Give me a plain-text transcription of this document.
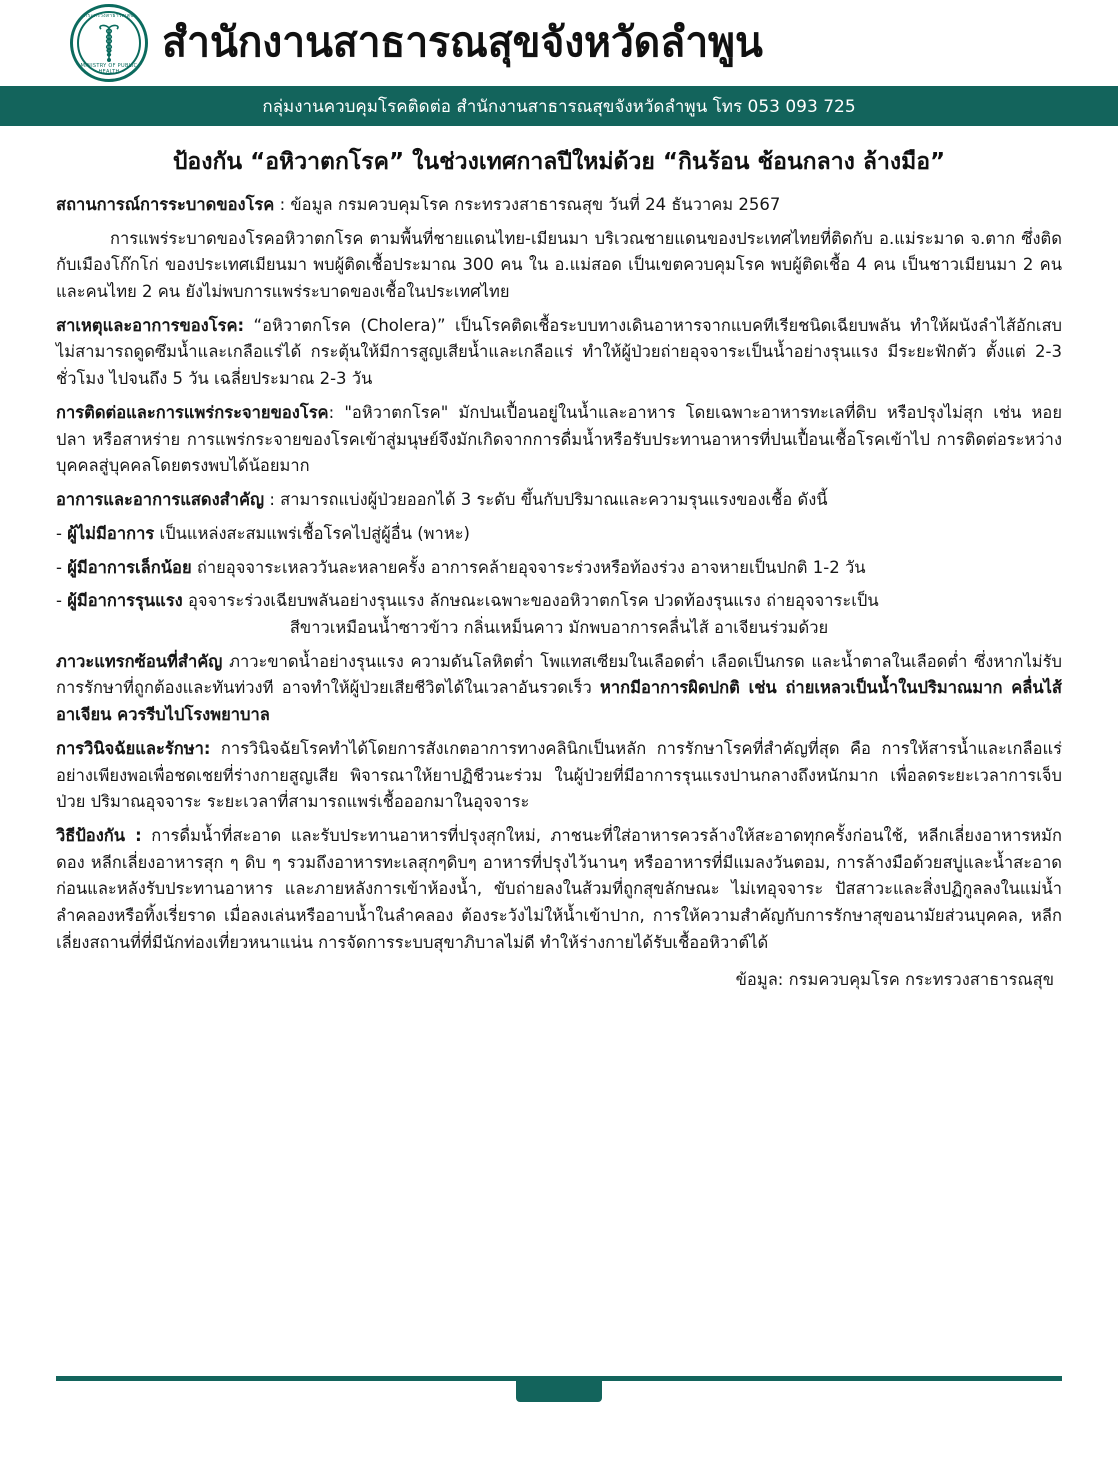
กระทรวงสาธารณสุข
MINISTRY OF PUBLIC HEALTH
สำนักงานสาธารณสุขจังหวัดลำพูน
กลุ่มงานควบคุมโรคติดต่อ สำนักงานสาธารณสุขจังหวัดลำพูน โทร 053 093 725
ป้องกัน “อหิวาตกโรค” ในช่วงเทศกาลปีใหม่ด้วย “กินร้อน ช้อนกลาง ล้างมือ”

สถานการณ์การระบาดของโรค : ข้อมูล กรมควบคุมโรค กระทรวงสาธารณสุข วันที่ 24 ธันวาคม 2567

การแพร่ระบาดของโรคอหิวาตกโรค ตามพื้นที่ชายแดนไทย-เมียนมา บริเวณชายแดนของประเทศไทยที่ติดกับ อ.แม่ระมาด จ.ตาก ซึ่งติดกับเมืองโก๊กโก่ ของประเทศเมียนมา พบผู้ติดเชื้อประมาณ 300 คน ใน อ.แม่สอด เป็นเขตควบคุมโรค พบผู้ติดเชื้อ 4 คน เป็นชาวเมียนมา 2 คน และคนไทย 2 คน ยังไม่พบการแพร่ระบาดของเชื้อในประเทศไทย

สาเหตุและอาการของโรค: “อหิวาตกโรค (Cholera)” เป็นโรคติดเชื้อระบบทางเดินอาหารจากแบคทีเรียชนิดเฉียบพลัน ทำให้ผนังลำไส้อักเสบ ไม่สามารถดูดซึมน้ำและเกลือแร่ได้ กระตุ้นให้มีการสูญเสียน้ำและเกลือแร่ ทำให้ผู้ป่วยถ่ายอุจจาระเป็นน้ำอย่างรุนแรง มีระยะฟักตัว ตั้งแต่ 2-3 ชั่วโมง ไปจนถึง 5 วัน เฉลี่ยประมาณ 2-3 วัน

การติดต่อและการแพร่กระจายของโรค: "อหิวาตกโรค" มักปนเปื้อนอยู่ในน้ำและอาหาร โดยเฉพาะอาหารทะเลที่ดิบ หรือปรุงไม่สุก เช่น หอย ปลา หรือสาหร่าย การแพร่กระจายของโรคเข้าสู่มนุษย์จึงมักเกิดจากการดื่มน้ำหรือรับประทานอาหารที่ปนเปื้อนเชื้อโรคเข้าไป การติดต่อระหว่างบุคคลสู่บุคคลโดยตรงพบได้น้อยมาก

อาการและอาการแสดงสำคัญ : สามารถแบ่งผู้ป่วยออกได้ 3 ระดับ ขึ้นกับปริมาณและความรุนแรงของเชื้อ ดังนี้

- ผู้ไม่มีอาการ เป็นแหล่งสะสมแพร่เชื้อโรคไปสู่ผู้อื่น (พาหะ)

- ผู้มีอาการเล็กน้อย ถ่ายอุจจาระเหลววันละหลายครั้ง อาการคล้ายอุจจาระร่วงหรือท้องร่วง อาจหายเป็นปกติ 1-2 วัน

- ผู้มีอาการรุนแรง อุจจาระร่วงเฉียบพลันอย่างรุนแรง ลักษณะเฉพาะของอหิวาตกโรค ปวดท้องรุนแรง ถ่ายอุจจาระเป็น
สีขาวเหมือนน้ำซาวข้าว กลิ่นเหม็นคาว มักพบอาการคลื่นไส้ อาเจียนร่วมด้วย

ภาวะแทรกซ้อนที่สำคัญ ภาวะขาดน้ำอย่างรุนแรง ความดันโลหิตต่ำ โพแทสเซียมในเลือดต่ำ เลือดเป็นกรด และน้ำตาลในเลือดต่ำ ซึ่งหากไม่รับการรักษาที่ถูกต้องและทันท่วงที อาจทำให้ผู้ป่วยเสียชีวิตได้ในเวลาอันรวดเร็ว หากมีอาการผิดปกติ เช่น ถ่ายเหลวเป็นน้ำในปริมาณมาก คลื่นไส้ อาเจียน ควรรีบไปโรงพยาบาล

การวินิจฉัยและรักษา: การวินิจฉัยโรคทำได้โดยการสังเกตอาการทางคลินิกเป็นหลัก การรักษาโรคที่สำคัญที่สุด คือ การให้สารน้ำและเกลือแร่อย่างเพียงพอเพื่อชดเชยที่ร่างกายสูญเสีย พิจารณาให้ยาปฏิชีวนะร่วม ในผู้ป่วยที่มีอาการรุนแรงปานกลางถึงหนักมาก เพื่อลดระยะเวลาการเจ็บป่วย ปริมาณอุจจาระ ระยะเวลาที่สามารถแพร่เชื้อออกมาในอุจจาระ

วิธีป้องกัน : การดื่มน้ำที่สะอาด และรับประทานอาหารที่ปรุงสุกใหม่, ภาชนะที่ใส่อาหารควรล้างให้สะอาดทุกครั้งก่อนใช้, หลีกเลี่ยงอาหารหมักดอง หลีกเลี่ยงอาหารสุก ๆ ดิบ ๆ รวมถึงอาหารทะเลสุกๆดิบๆ อาหารที่ปรุงไว้นานๆ หรืออาหารที่มีแมลงวันตอม, การล้างมือด้วยสบู่และน้ำสะอาด ก่อนและหลังรับประทานอาหาร และภายหลังการเข้าห้องน้ำ, ขับถ่ายลงในส้วมที่ถูกสุขลักษณะ ไม่เทอุจจาระ ปัสสาวะและสิ่งปฏิกูลลงในแม่น้ำลำคลองหรือทิ้งเรี่ยราด เมื่อลงเล่นหรืออาบน้ำในลำคลอง ต้องระวังไม่ให้น้ำเข้าปาก, การให้ความสำคัญกับการรักษาสุขอนามัยส่วนบุคคล, หลีกเลี่ยงสถานที่ที่มีนักท่องเที่ยวหนาแน่น การจัดการระบบสุขาภิบาลไม่ดี ทำให้ร่างกายได้รับเชื้ออหิวาต์ได้

ข้อมูล: กรมควบคุมโรค กระทรวงสาธารณสุข
